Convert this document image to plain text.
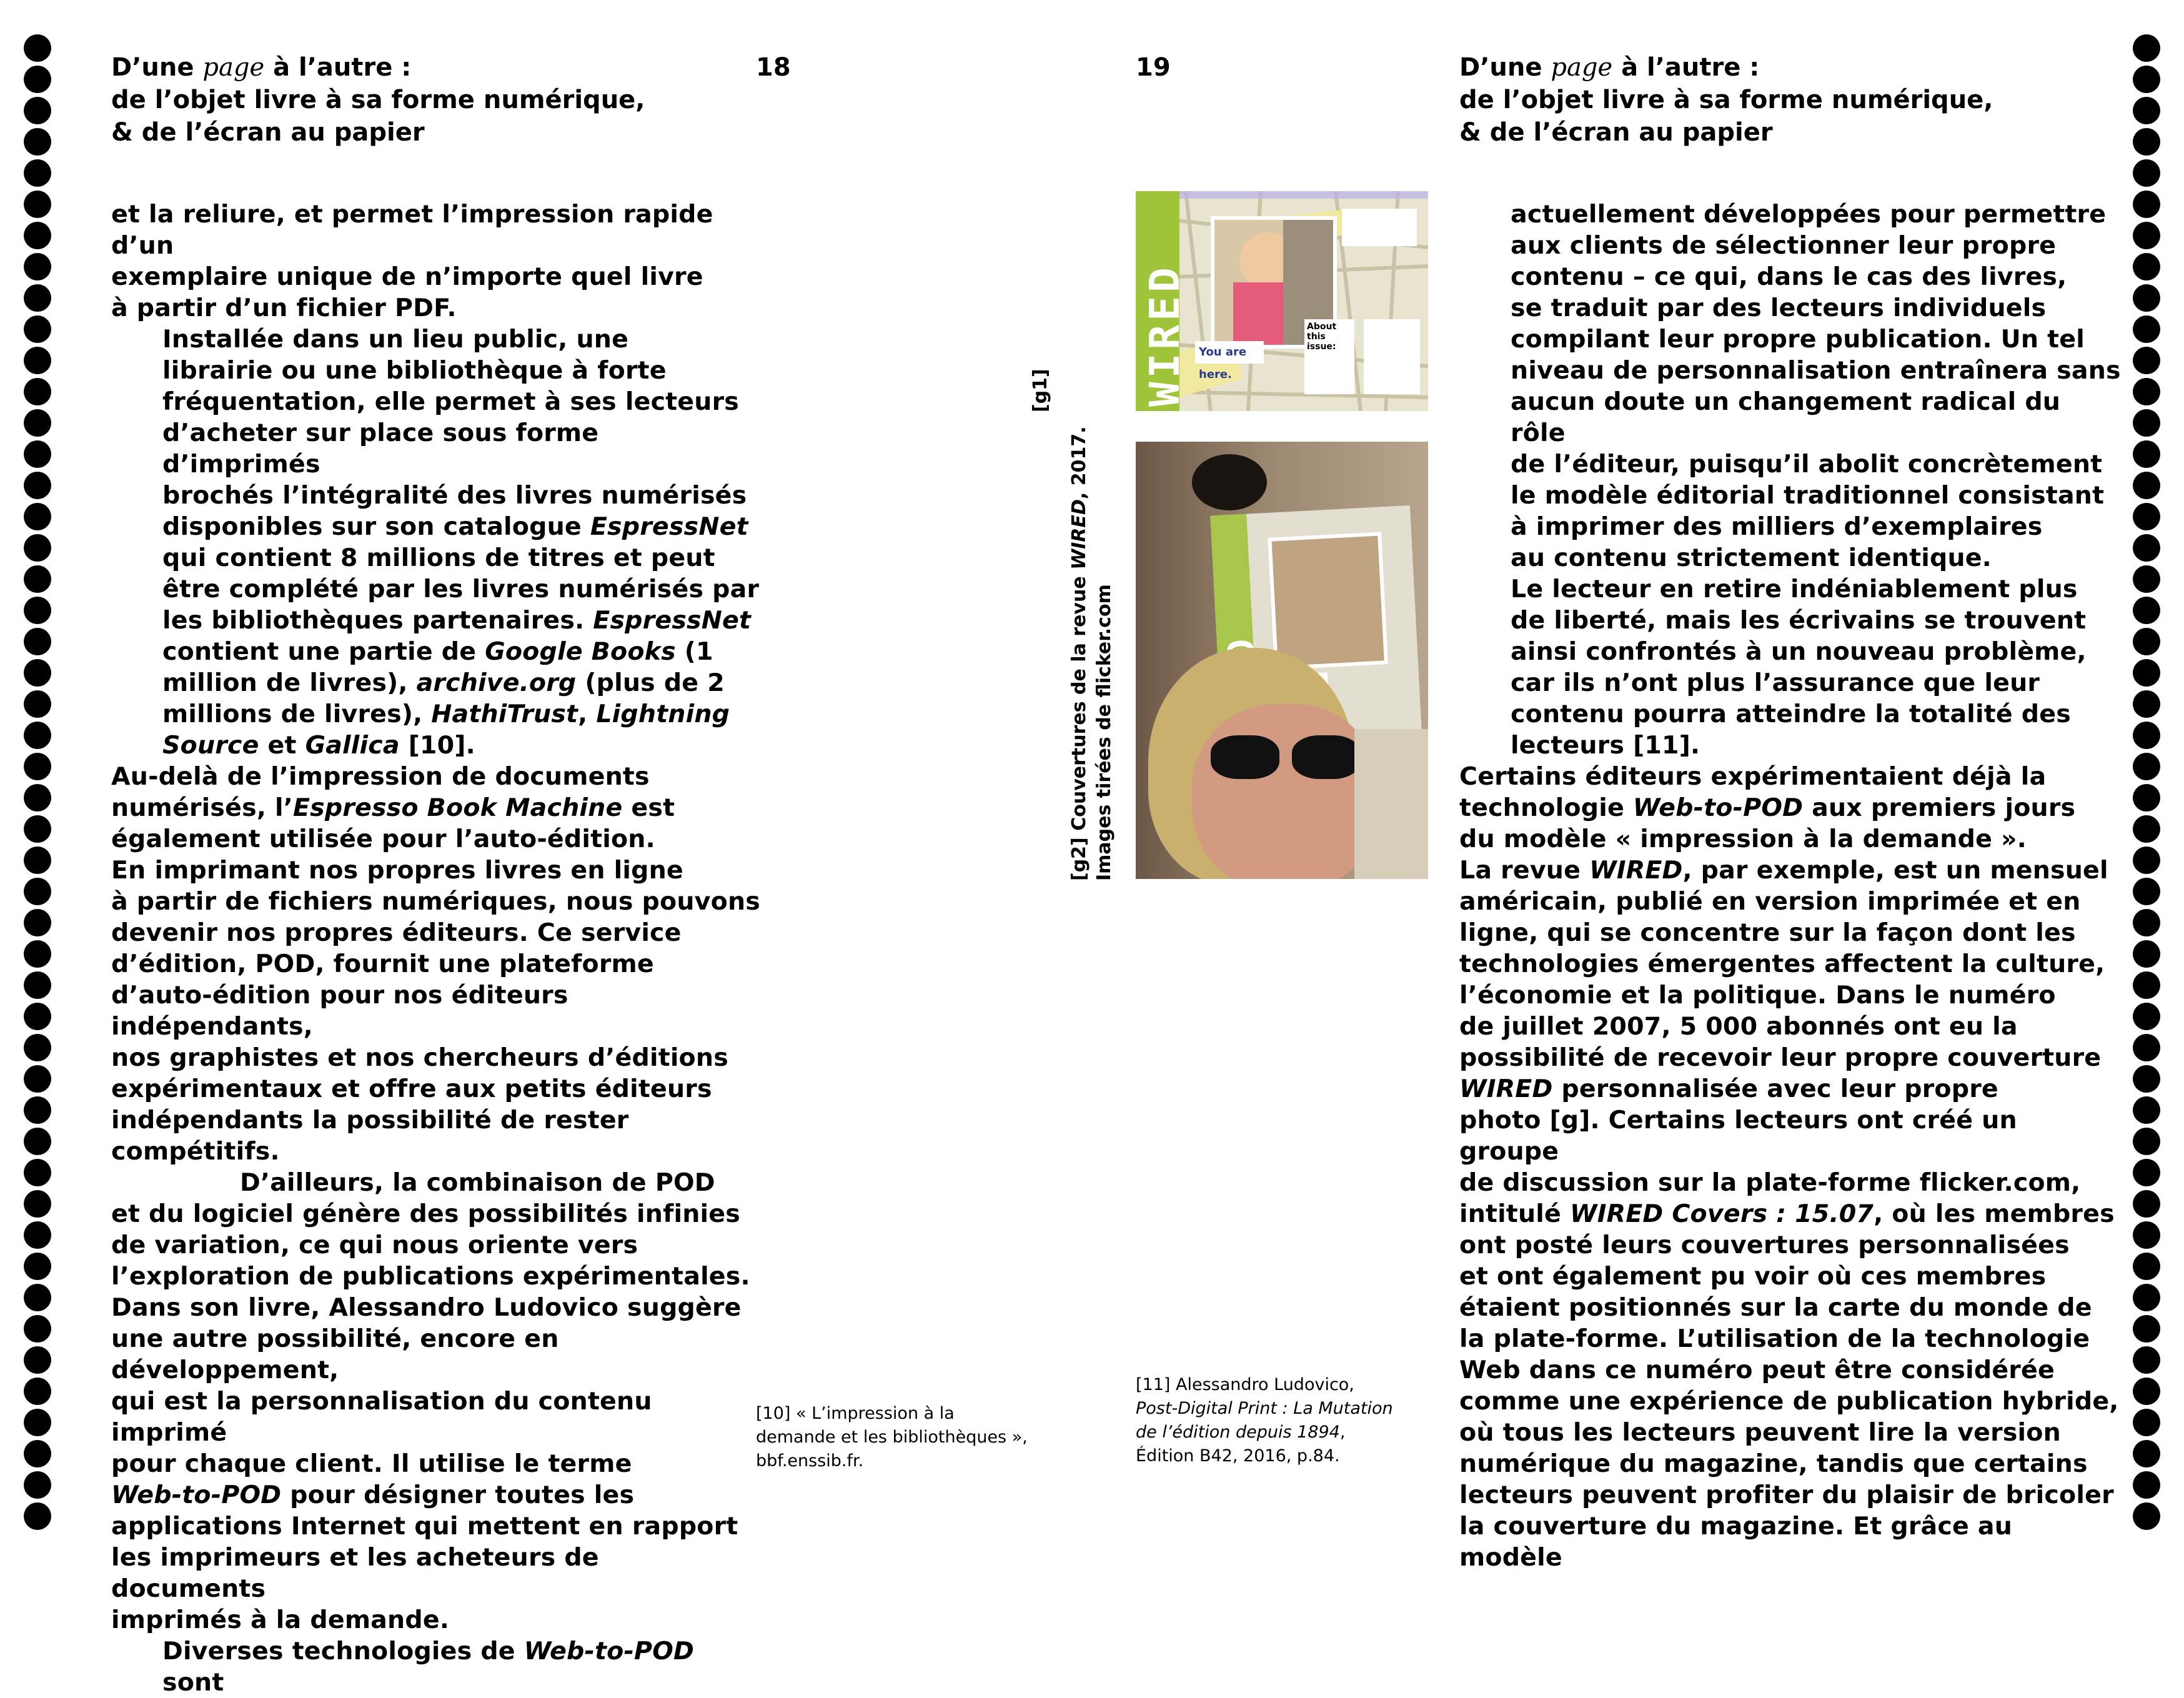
D’une page à l’autre :
de l’objet livre à sa forme numérique,
& de l’écran au papier
18

et la reliure, et permet l’impression rapide d’un
exemplaire unique de n’importe quel livre
à partir d’un fichier PDF.

Installée dans un lieu public, une
librairie ou une bibliothèque à forte
fréquentation, elle permet à ses lecteurs
d’acheter sur place sous forme d’imprimés
brochés l’intégralité des livres numérisés
disponibles sur son catalogue EspressNet
qui contient 8 millions de titres et peut
être complété par les livres numérisés par
les bibliothèques partenaires. EspressNet
contient une partie de Google Books (1
million de livres), archive.org (plus de 2
millions de livres), HathiTrust, Lightning
Source et Gallica [10].

Au-delà de l’impression de documents
numérisés, l’Espresso Book Machine est
également utilisée pour l’auto-édition.
En imprimant nos propres livres en ligne
à partir de fichiers numériques, nous pouvons
devenir nos propres éditeurs. Ce service
d’édition, POD, fournit une plateforme
d’auto-édition pour nos éditeurs indépendants,
nos graphistes et nos chercheurs d’éditions
expérimentaux et offre aux petits éditeurs
indépendants la possibilité de rester
compétitifs.

D’ailleurs, la combinaison de POD

et du logiciel génère des possibilités infinies
de variation, ce qui nous oriente vers
l’exploration de publications expérimentales.
Dans son livre, Alessandro Ludovico suggère
une autre possibilité, encore en développement,
qui est la personnalisation du contenu imprimé
pour chaque client. Il utilise le terme
Web-to-POD pour désigner toutes les
applications Internet qui mettent en rapport
les imprimeurs et les acheteurs de documents
imprimés à la demande.

Diverses technologies de Web-to-POD sont

[10] « L’impression à la
demande et les bibliothèques »,
bbf.enssib.fr.
[g2] Couvertures de la revue WIRED, 2017.
Images tirées de flicker.com
[g1]
19	D’une page à l’autre :
de l’objet livre à sa forme numérique,
& de l’écran au papier
WIRED You are here.
About this issue:
[11] Alessandro Ludovico,
Post-Digital Print : La Mutation
de l’édition depuis 1894,
Édition B42, 2016, p.84.

actuellement développées pour permettre
aux clients de sélectionner leur propre
contenu – ce qui, dans le cas des livres,
se traduit par des lecteurs individuels
compilant leur propre publication. Un tel
niveau de personnalisation entraînera sans
aucun doute un changement radical du rôle
de l’éditeur, puisqu’il abolit concrètement
le modèle éditorial traditionnel consistant
à imprimer des milliers d’exemplaires
au contenu strictement identique.
Le lecteur en retire indéniablement plus
de liberté, mais les écrivains se trouvent
ainsi confrontés à un nouveau problème,
car ils n’ont plus l’assurance que leur
contenu pourra atteindre la totalité des
lecteurs [11].

Certains éditeurs expérimentaient déjà la
technologie Web-to-POD aux premiers jours
du modèle « impression à la demande ».
La revue WIRED, par exemple, est un mensuel
américain, publié en version imprimée et en
ligne, qui se concentre sur la façon dont les
technologies émergentes affectent la culture,
l’économie et la politique. Dans le numéro
de juillet 2007, 5 000 abonnés ont eu la
possibilité de recevoir leur propre couverture
WIRED personnalisée avec leur propre
photo [g]. Certains lecteurs ont créé un groupe
de discussion sur la plate-forme flicker.com,
intitulé WIRED Covers : 15.07, où les membres
ont posté leurs couvertures personnalisées
et ont également pu voir où ces membres
étaient positionnés sur la carte du monde de
la plate-forme. L’utilisation de la technologie
Web dans ce numéro peut être considérée
comme une expérience de publication hybride,
où tous les lecteurs peuvent lire la version
numérique du magazine, tandis que certains
lecteurs peuvent profiter du plaisir de bricoler
la couverture du magazine. Et grâce au modèle
